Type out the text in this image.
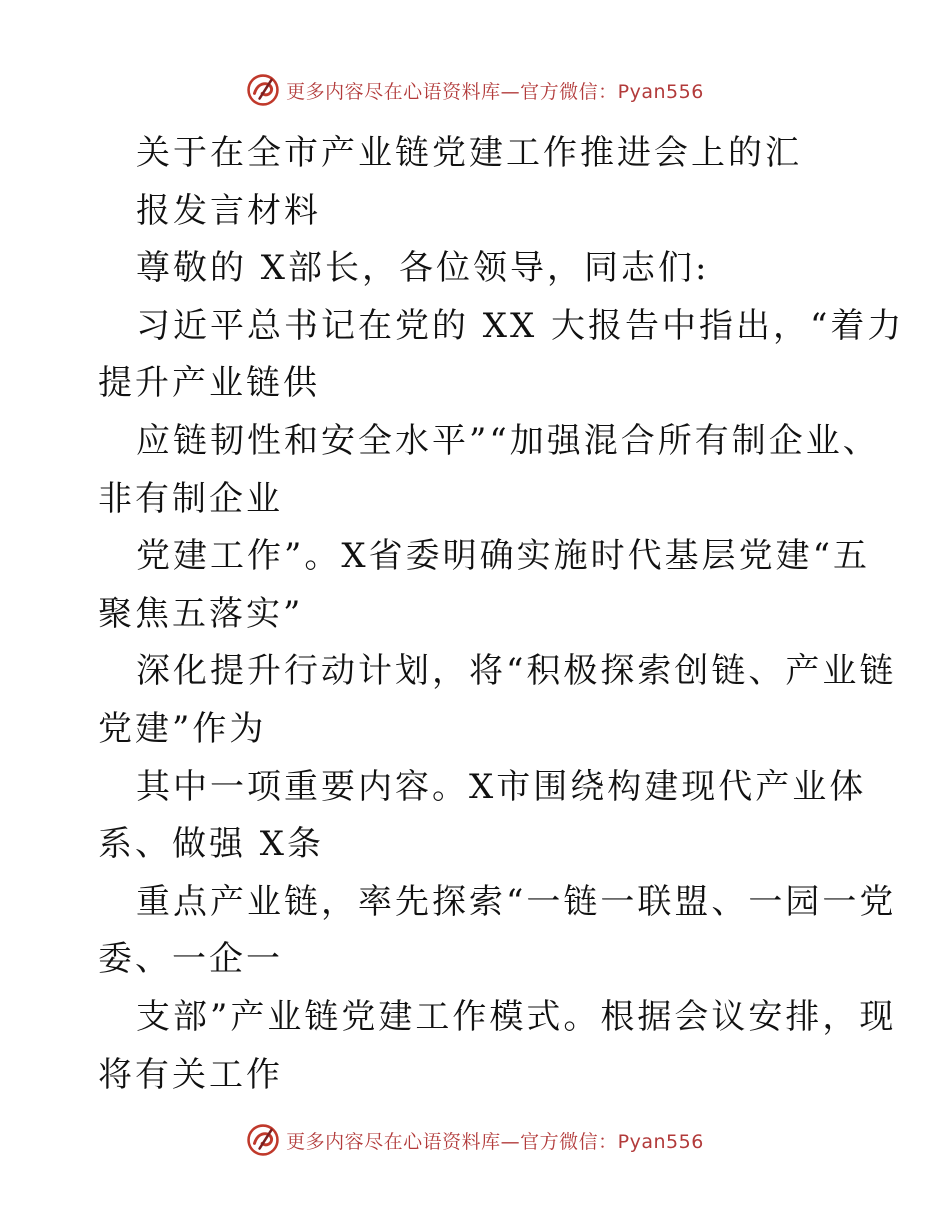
更多内容尽在心语资料库—官方微信：Pyan556
关于在全市产业链党建工作推进会上的汇
报发言材料
尊敬的 X部长，各位领导，同志们:
习近平总书记在党的 XX 大报告中指出，“着力
提升产业链供
应链韧性和安全水平”“加强混合所有制企业、
非有制企业
党建工作”。X省委明确实施时代基层党建“五
聚焦五落实”
深化提升行动计划，将“积极探索创链、产业链
党建”作为
其中一项重要内容。X市围绕构建现代产业体
系、做强 X条
重点产业链，率先探索“一链一联盟、一园一党
委、一企一
支部”产业链党建工作模式。根据会议安排，现
将有关工作
更多内容尽在心语资料库—官方微信：Pyan556
